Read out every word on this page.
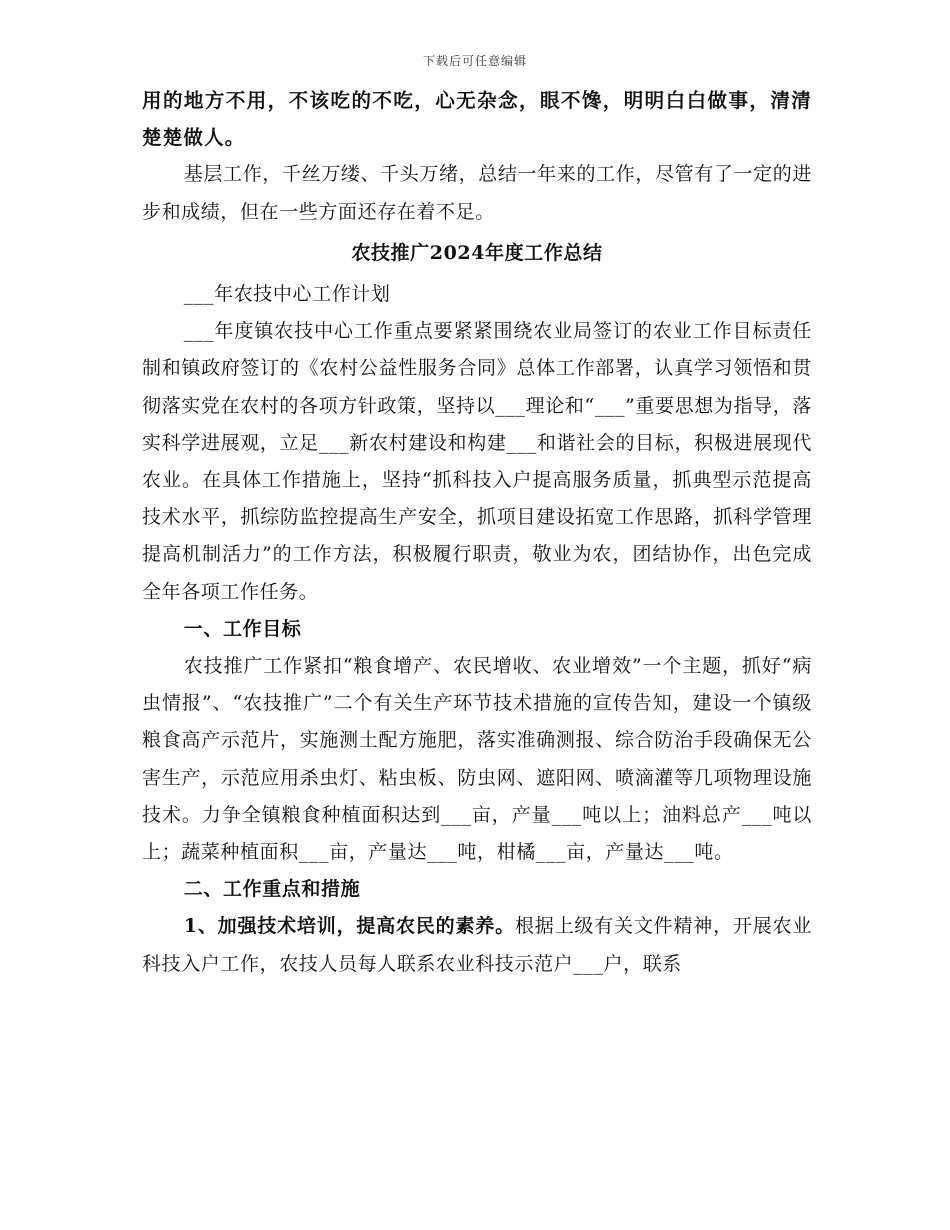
下载后可任意编辑

用的地方不用，不该吃的不吃，心无杂念，眼不馋，明明白白做事，清清楚楚做人。

基层工作，千丝万缕、千头万绪，总结一年来的工作，尽管有了一定的进步和成绩，但在一些方面还存在着不足。

农技推广2024年度工作总结

___年农技中心工作计划

___年度镇农技中心工作重点要紧紧围绕农业局签订的农业工作目标责任制和镇政府签订的《农村公益性服务合同》总体工作部署，认真学习领悟和贯彻落实党在农村的各项方针政策，坚持以___理论和“___”重要思想为指导，落实科学进展观，立足___新农村建设和构建___和谐社会的目标，积极进展现代农业。在具体工作措施上，坚持“抓科技入户提高服务质量，抓典型示范提高技术水平，抓综防监控提高生产安全，抓项目建设拓宽工作思路，抓科学管理提高机制活力”的工作方法，积极履行职责，敬业为农，团结协作，出色完成全年各项工作任务。

一、工作目标

农技推广工作紧扣“粮食增产、农民增收、农业增效”一个主题，抓好“病虫情报”、“农技推广”二个有关生产环节技术措施的宣传告知，建设一个镇级粮食高产示范片，实施测土配方施肥，落实准确测报、综合防治手段确保无公害生产，示范应用杀虫灯、粘虫板、防虫网、遮阳网、喷滴灌等几项物理设施技术。力争全镇粮食种植面积达到___亩，产量___吨以上；油料总产___吨以上；蔬菜种植面积___亩，产量达___吨，柑橘___亩，产量达___吨。

二、工作重点和措施

1、加强技术培训，提高农民的素养。根据上级有关文件精神，开展农业科技入户工作，农技人员每人联系农业科技示范户___户，联系
